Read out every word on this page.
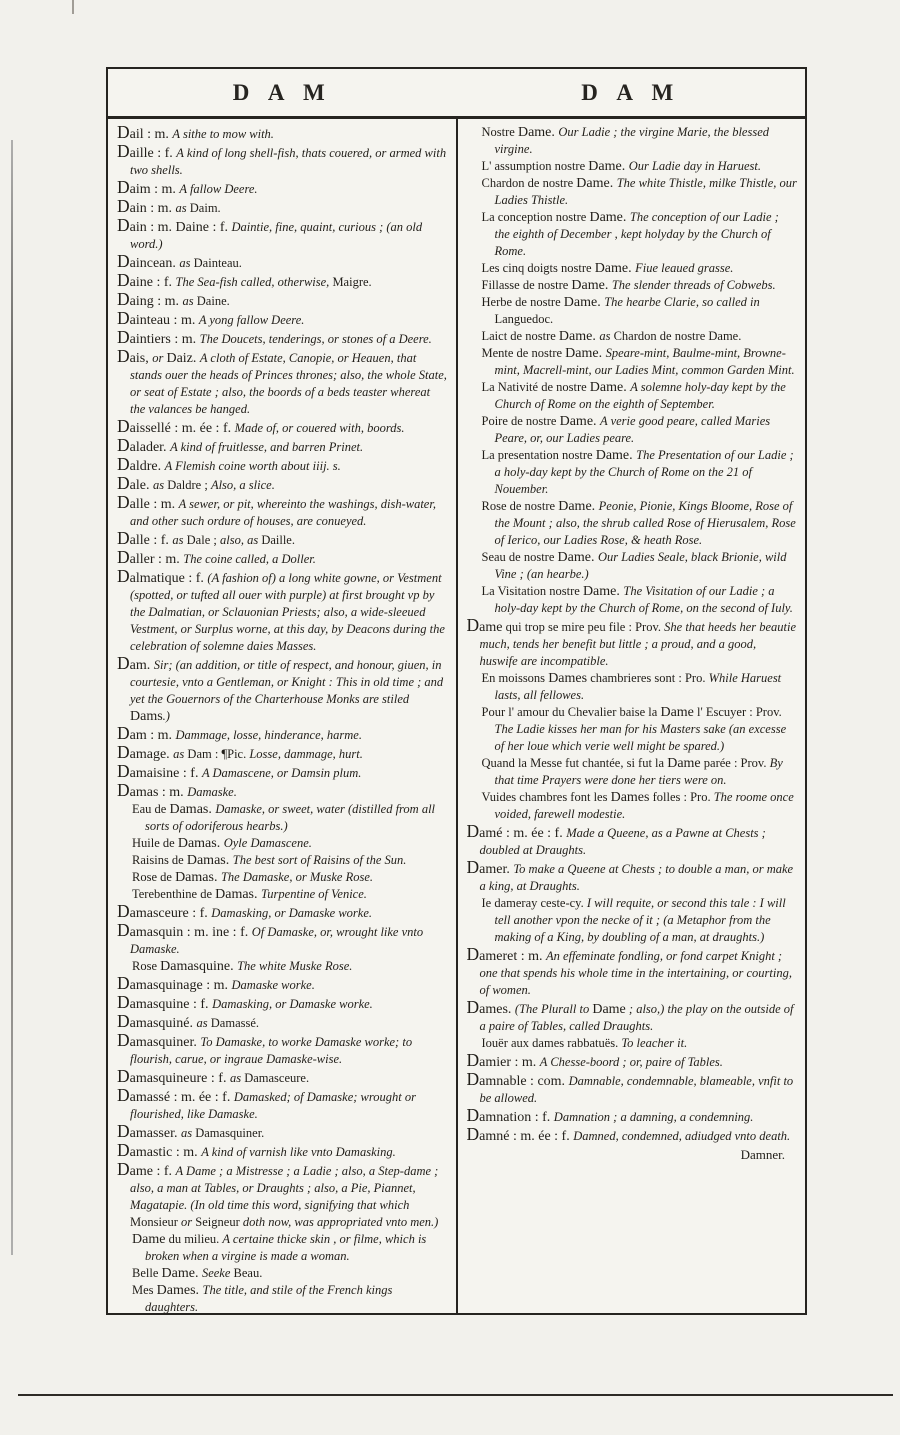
D A M	D A M

Dail : m. A sithe to mow with.

Daille : f. A kind of long shell-fish, thats couered, or armed with two shells.

Daim : m. A fallow Deere.

Dain : m. as Daim.

Dain : m. Daine : f. Daintie, fine, quaint, curious ; (an old word.)

Daincean. as Dainteau.

Daine : f. The Sea-fish called, otherwise, Maigre.

Daing : m. as Daine.

Dainteau : m. A yong fallow Deere.

Daintiers : m. The Doucets, tenderings, or stones of a Deere.

Dais, or Daiz. A cloth of Estate, Canopie, or Heauen, that stands ouer the heads of Princes thrones; also, the whole State, or seat of Estate ; also, the boords of a beds teaster whereat the valances be hanged.

Daissellé : m. ée : f. Made of, or couered with, boords.

Dalader. A kind of fruitlesse, and barren Prinet.

Daldre. A Flemish coine worth about iiij. s.

Dale. as Daldre ; Also, a slice.

Dalle : m. A sewer, or pit, whereinto the washings, dish-water, and other such ordure of houses, are conueyed.

Dalle : f. as Dale ; also, as Daille.

Daller : m. The coine called, a Doller.

Dalmatique : f. (A fashion of) a long white gowne, or Vestment (spotted, or tufted all ouer with purple) at first brought vp by the Dalmatian, or Sclauonian Priests; also, a wide-sleeued Vestment, or Surplus worne, at this day, by Deacons during the celebration of solemne daies Masses.

Dam. Sir; (an addition, or title of respect, and honour, giuen, in courtesie, vnto a Gentleman, or Knight : This in old time ; and yet the Gouernors of the Charterhouse Monks are stiled Dams.)

Dam : m. Dammage, losse, hinderance, harme.

Damage. as Dam : ¶Pic. Losse, dammage, hurt.

Damaisine : f. A Damascene, or Damsin plum.

Damas : m. Damaske.

Eau de Damas. Damaske, or sweet, water (distilled from all sorts of odoriferous hearbs.)

Huile de Damas. Oyle Damascene.

Raisins de Damas. The best sort of Raisins of the Sun.

Rose de Damas. The Damaske, or Muske Rose.

Terebenthine de Damas. Turpentine of Venice.

Damasceure : f. Damasking, or Damaske worke.

Damasquin : m. ine : f. Of Damaske, or, wrought like vnto Damaske.

Rose Damasquine. The white Muske Rose.

Damasquinage : m. Damaske worke.

Damasquine : f. Damasking, or Damaske worke.

Damasquiné. as Damassé.

Damasquiner. To Damaske, to worke Damaske worke; to flourish, carue, or ingraue Damaske-wise.

Damasquineure : f. as Damasceure.

Damassé : m. ée : f. Damasked; of Damaske; wrought or flourished, like Damaske.

Damasser. as Damasquiner.

Damastic : m. A kind of varnish like vnto Damasking.

Dame : f. A Dame ; a Mistresse ; a Ladie ; also, a Step-dame ; also, a man at Tables, or Draughts ; also, a Pie, Piannet, Magatapie. (In old time this word, signifying that which Monsieur or Seigneur doth now, was appropriated vnto men.)

Dame du milieu. A certaine thicke skin , or filme, which is broken when a virgine is made a woman.

Belle Dame. Seeke Beau.

Mes Dames. The title, and stile of the French kings daughters.

Nostre Dame. Our Ladie ; the virgine Marie, the blessed virgine.

L' assumption nostre Dame. Our Ladie day in Haruest.

Chardon de nostre Dame. The white Thistle, milke Thistle, our Ladies Thistle.

La conception nostre Dame. The conception of our Ladie ; the eighth of December , kept holyday by the Church of Rome.

Les cinq doigts nostre Dame. Fiue leaued grasse.

Fillasse de nostre Dame. The slender threads of Cobwebs.

Herbe de nostre Dame. The hearbe Clarie, so called in Languedoc.

Laict de nostre Dame. as Chardon de nostre Dame.

Mente de nostre Dame. Speare-mint, Baulme-mint, Browne-mint, Macrell-mint, our Ladies Mint, common Garden Mint.

La Nativité de nostre Dame. A solemne holy-day kept by the Church of Rome on the eighth of September.

Poire de nostre Dame. A verie good peare, called Maries Peare, or, our Ladies peare.

La presentation nostre Dame. The Presentation of our Ladie ; a holy-day kept by the Church of Rome on the 21 of Nouember.

Rose de nostre Dame. Peonie, Pionie, Kings Bloome, Rose of the Mount ; also, the shrub called Rose of Hierusalem, Rose of Ierico, our Ladies Rose, & heath Rose.

Seau de nostre Dame. Our Ladies Seale, black Brionie, wild Vine ; (an hearbe.)

La Visitation nostre Dame. The Visitation of our Ladie ; a holy-day kept by the Church of Rome, on the second of Iuly.

Dame qui trop se mire peu file : Prov. She that heeds her beautie much, tends her benefit but little ; a proud, and a good, huswife are incompatible.

En moissons Dames chambrieres sont : Pro. While Haruest lasts, all fellowes.

Pour l' amour du Chevalier baise la Dame l' Escuyer : Prov. The Ladie kisses her man for his Masters sake (an excesse of her loue which verie well might be spared.)

Quand la Messe fut chantée, si fut la Dame parée : Prov. By that time Prayers were done her tiers were on.

Vuides chambres font les Dames folles : Pro. The roome once voided, farewell modestie.

Damé : m. ée : f. Made a Queene, as a Pawne at Chests ; doubled at Draughts.

Damer. To make a Queene at Chests ; to double a man, or make a king, at Draughts.

Ie dameray ceste-cy. I will requite, or second this tale : I will tell another vpon the necke of it ; (a Metaphor from the making of a King, by doubling of a man, at draughts.)

Dameret : m. An effeminate fondling, or fond carpet Knight ; one that spends his whole time in the intertaining, or courting, of women.

Dames. (The Plurall to Dame ; also,) the play on the outside of a paire of Tables, called Draughts.

Iouër aux dames rabbatuës. To leacher it.

Damier : m. A Chesse-boord ; or, paire of Tables.

Damnable : com. Damnable, condemnable, blameable, vnfit to be allowed.

Damnation : f. Damnation ; a damning, a condemning.

Damné : m. ée : f. Damned, condemned, adiudged vnto death.

Damner.
